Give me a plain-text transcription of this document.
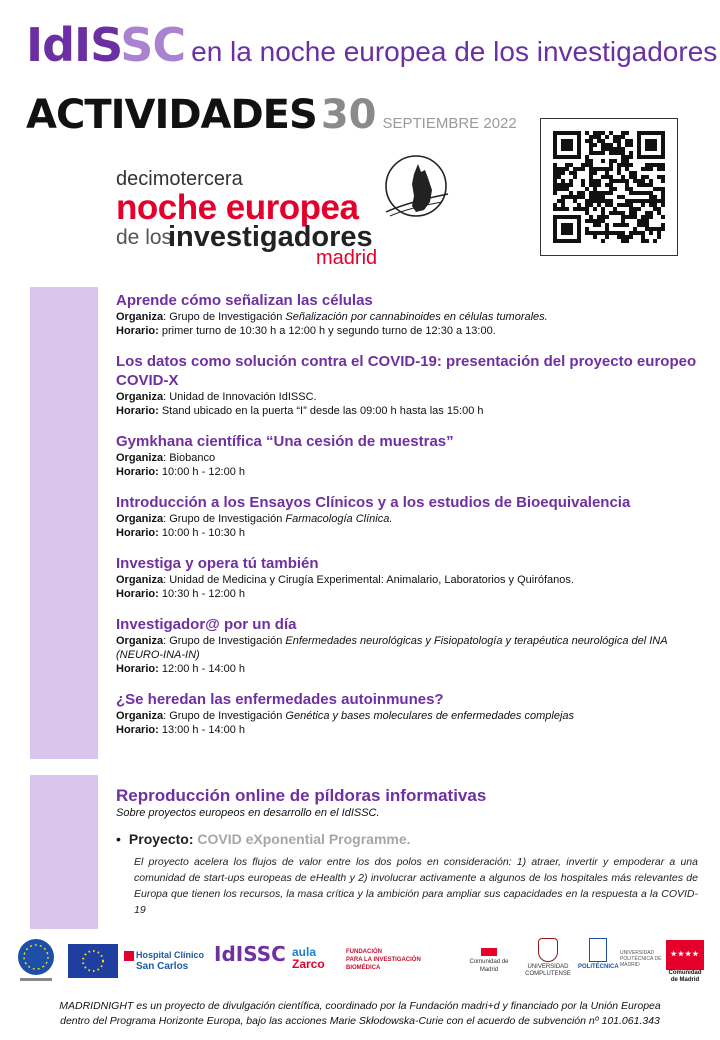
IdISSC en la noche europea de los investigadores
ACTIVIDADES 30 SEPTIEMBRE 2022
decimotercera
noche europea
de los
investigadores
madrid
Aprende cómo señalizan las células
Organiza: Grupo de Investigación Señalización por cannabinoides en células tumorales.
Horario: primer turno de 10:30 h a 12:00 h y segundo turno de 12:30 a 13:00.
Los datos como solución contra el COVID-19: presentación del proyecto europeo COVID-X
Organiza: Unidad de Innovación IdISSC.
Horario: Stand ubicado en la puerta “I” desde las 09:00 h hasta las 15:00 h
Gymkhana científica “Una cesión de muestras”
Organiza: Biobanco
Horario: 10:00 h - 12:00 h
Introducción a los Ensayos Clínicos y a los estudios de Bioequivalencia
Organiza: Grupo de Investigación Farmacología Clínica.
Horario: 10:00 h - 10:30 h
Investiga y opera tú también
Organiza: Unidad de Medicina y Cirugía Experimental: Animalario, Laboratorios y Quirófanos.
Horario: 10:30 h - 12:00 h
Investigador@ por un día
Organiza: Grupo de Investigación Enfermedades neurológicas y Fisiopatología y terapéutica neurológica del INA (NEURO-INA-IN)
Horario: 12:00 h - 14:00 h
¿Se heredan las enfermedades autoinmunes?
Organiza: Grupo de Investigación Genética y bases moleculares de enfermedades complejas
Horario: 13:00 h - 14:00 h
Reproducción online de píldoras informativas
Sobre proyectos europeos en desarrollo en el IdISSC.
• Proyecto: COVID eXponential Programme.
El proyecto acelera los flujos de valor entre los dos polos en consideración: 1) atraer, invertir y empoderar a una comunidad de start-ups europeas de eHealth y 2) involucrar activamente a algunos de los hospitales más relevantes de Europa que tienen los recursos, la masa crítica y la ambición para ampliar sus capacidades en la respuesta a la COVID-19
Hospital Clínico
San Carlos
IdISSC aula
Zarco
FUNDACIÓN
PARA LA INVESTIGACIÓN BIOMÉDICA
Comunidad de Madrid	UNIVERSIDAD COMPLUTENSE
POLITÉCNICA
UNIVERSIDAD POLITÉCNICA DE MADRID
★★★★
Comunidad
de Madrid
MADRIDNIGHT es un proyecto de divulgación científica, coordinado por la Fundación madri+d y financiado por la Unión Europea
dentro del Programa Horizonte Europa, bajo las acciones Marie Skłodowska-Curie con el acuerdo de subvención nº 101.061.343
